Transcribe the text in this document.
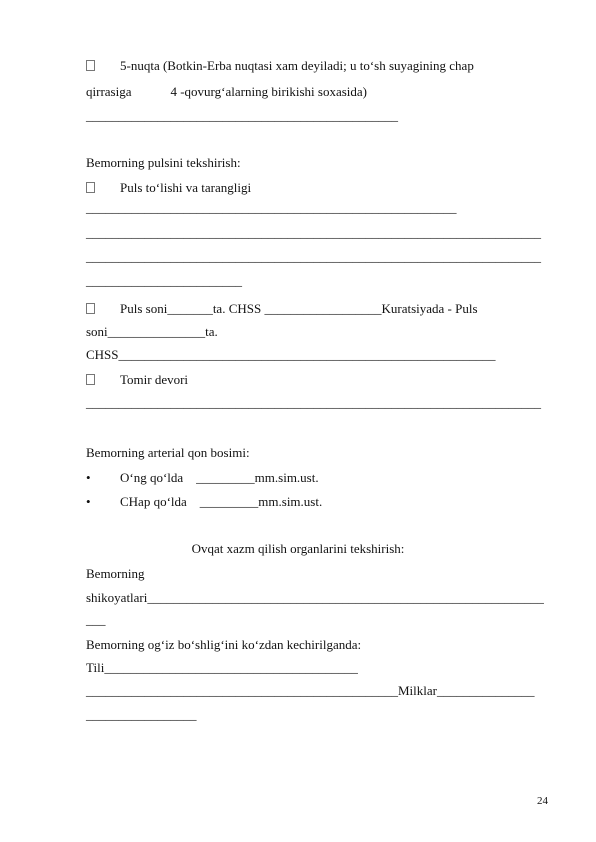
5-nuqta (Botkin-Erba nuqtasi xam deyiladi; u to‘sh suyagining chap
qirrasiga            4 -qovurg‘alarning birikishi soxasida)
________________________________________________
Bemorning pulsini tekshirish:
Puls to‘lishi va tarangligi
_________________________________________________________
______________________________________________________________________
______________________________________________________________________
________________________
Puls soni_______ta. CHSS __________________Kuratsiyada - Puls
soni_______________ta.
CHSS__________________________________________________________
Tomir devori
______________________________________________________________________
Bemorning arterial qon bosimi:
• O‘ng qo‘lda    _________mm.sim.ust.
• CHap qo‘lda    _________mm.sim.ust.
Ovqat xazm qilish organlarini tekshirish:
Bemorning
shikoyatlari_____________________________________________________________
___
Bemorning og‘iz bo‘shlig‘ini ko‘zdan kechirilganda:
Tili_______________________________________
________________________________________________Milklar_______________
_________________
24
